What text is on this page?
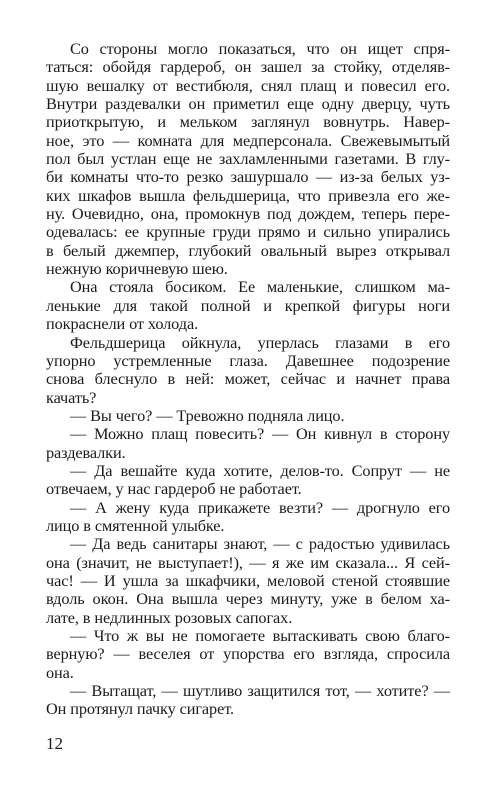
Со стороны могло показаться, что он ищет спря-
таться: обойдя гардероб, он зашел за стойку, отделяв-
шую вешалку от вестибюля, снял плащ и повесил его.
Внутри раздевалки он приметил еще одну дверцу, чуть
приоткрытую, и мельком заглянул вовнутрь. Навер-
ное, это — комната для медперсонала. Свежевымытый
пол был устлан еще не захламленными газетами. В глу-
би комнаты что-то резко зашуршало — из-за белых уз-
ких шкафов вышла фельдшерица, что привезла его же-
ну. Очевидно, она, промокнув под дождем, теперь пере-
одевалась: ее крупные груди прямо и сильно упирались
в белый джемпер, глубокий овальный вырез открывал
нежную коричневую шею.
Она стояла босиком. Ее маленькие, слишком ма-
ленькие для такой полной и крепкой фигуры ноги
покраснели от холода.
Фельдшерица ойкнула, уперлась глазами в его
упорно устремленные глаза. Давешнее подозрение
снова блеснуло в ней: может, сейчас и начнет права
качать?
— Вы чего? — Тревожно подняла лицо.
— Можно плащ повесить? — Он кивнул в сторону
раздевалки.
— Да вешайте куда хотите, делов-то. Сопрут — не
отвечаем, у нас гардероб не работает.
— А жену куда прикажете везти? — дрогнуло его
лицо в смятенной улыбке.
— Да ведь санитары знают, — с радостью удивилась
она (значит, не выступает!), — я же им сказала... Я сей-
час! — И ушла за шкафчики, меловой стеной стоявшие
вдоль окон. Она вышла через минуту, уже в белом ха-
лате, в недлинных розовых сапогах.
— Что ж вы не помогаете вытаскивать свою благо-
верную? — веселея от упорства его взгляда, спросила
она.
— Вытащат, — шутливо защитился тот, — хотите? —
Он протянул пачку сигарет.
12
